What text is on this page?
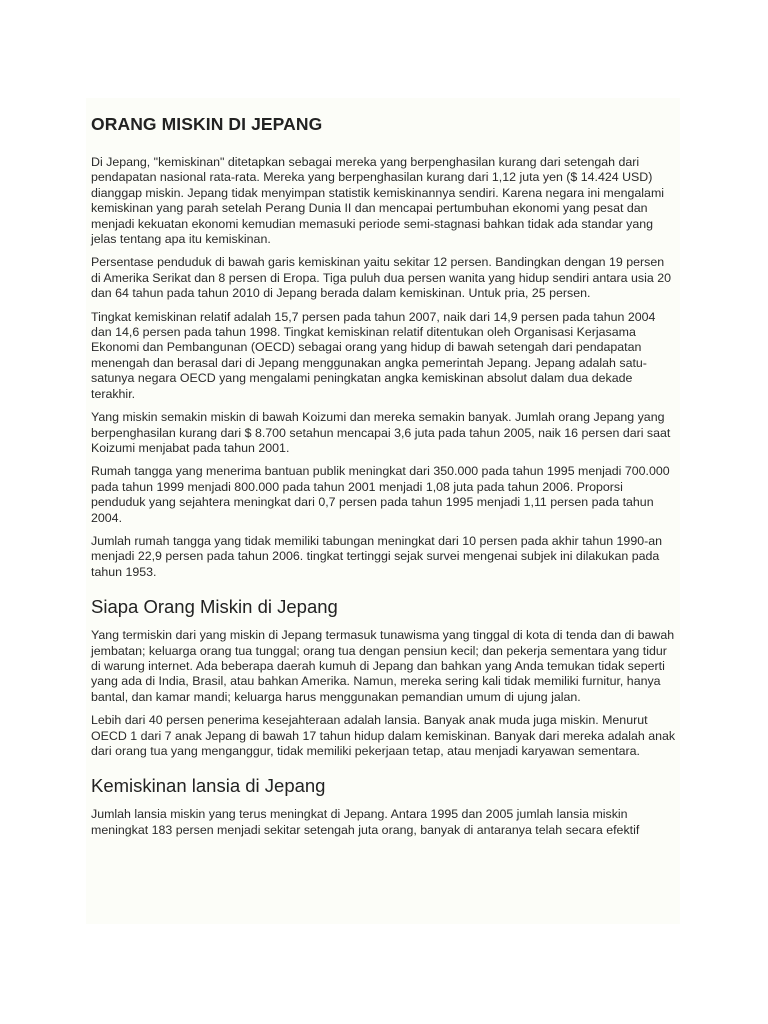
ORANG MISKIN DI JEPANG

Di Jepang, "kemiskinan" ditetapkan sebagai mereka yang berpenghasilan kurang dari setengah dari pendapatan nasional rata-rata. Mereka yang berpenghasilan kurang dari 1,12 juta yen ($ 14.424 USD) dianggap miskin. Jepang tidak menyimpan statistik kemiskinannya sendiri. Karena negara ini mengalami kemiskinan yang parah setelah Perang Dunia II dan mencapai pertumbuhan ekonomi yang pesat dan menjadi kekuatan ekonomi kemudian memasuki periode semi-stagnasi bahkan tidak ada standar yang jelas tentang apa itu kemiskinan.

Persentase penduduk di bawah garis kemiskinan yaitu sekitar 12 persen. Bandingkan dengan 19 persen di Amerika Serikat dan 8 persen di Eropa. Tiga puluh dua persen wanita yang hidup sendiri antara usia 20 dan 64 tahun pada tahun 2010 di Jepang berada dalam kemiskinan. Untuk pria, 25 persen.

Tingkat kemiskinan relatif adalah 15,7 persen pada tahun 2007, naik dari 14,9 persen pada tahun 2004 dan 14,6 persen pada tahun 1998. Tingkat kemiskinan relatif ditentukan oleh Organisasi Kerjasama Ekonomi dan Pembangunan (OECD) sebagai orang yang hidup di bawah setengah dari pendapatan menengah dan berasal dari di Jepang menggunakan angka pemerintah Jepang. Jepang adalah satu-satunya negara OECD yang mengalami peningkatan angka kemiskinan absolut dalam dua dekade terakhir.

Yang miskin semakin miskin di bawah Koizumi dan mereka semakin banyak. Jumlah orang Jepang yang berpenghasilan kurang dari $ 8.700 setahun mencapai 3,6 juta pada tahun 2005, naik 16 persen dari saat Koizumi menjabat pada tahun 2001.

Rumah tangga yang menerima bantuan publik meningkat dari 350.000 pada tahun 1995 menjadi 700.000 pada tahun 1999 menjadi 800.000 pada tahun 2001 menjadi 1,08 juta pada tahun 2006. Proporsi penduduk yang sejahtera meningkat dari 0,7 persen pada tahun 1995 menjadi 1,11 persen pada tahun 2004.

Jumlah rumah tangga yang tidak memiliki tabungan meningkat dari 10 persen pada akhir tahun 1990-an menjadi 22,9 persen pada tahun 2006. tingkat tertinggi sejak survei mengenai subjek ini dilakukan pada tahun 1953.

Siapa Orang Miskin di Jepang

Yang termiskin dari yang miskin di Jepang termasuk tunawisma yang tinggal di kota di tenda dan di bawah jembatan; keluarga orang tua tunggal; orang tua dengan pensiun kecil; dan pekerja sementara yang tidur di warung internet. Ada beberapa daerah kumuh di Jepang dan bahkan yang Anda temukan tidak seperti yang ada di India, Brasil, atau bahkan Amerika. Namun, mereka sering kali tidak memiliki furnitur, hanya bantal, dan kamar mandi; keluarga harus menggunakan pemandian umum di ujung jalan.

Lebih dari 40 persen penerima kesejahteraan adalah lansia. Banyak anak muda juga miskin. Menurut OECD 1 dari 7 anak Jepang di bawah 17 tahun hidup dalam kemiskinan. Banyak dari mereka adalah anak dari orang tua yang menganggur, tidak memiliki pekerjaan tetap, atau menjadi karyawan sementara.

Kemiskinan lansia di Jepang

Jumlah lansia miskin yang terus meningkat di Jepang. Antara 1995 dan 2005 jumlah lansia miskin meningkat 183 persen menjadi sekitar setengah juta orang, banyak di antaranya telah secara efektif
